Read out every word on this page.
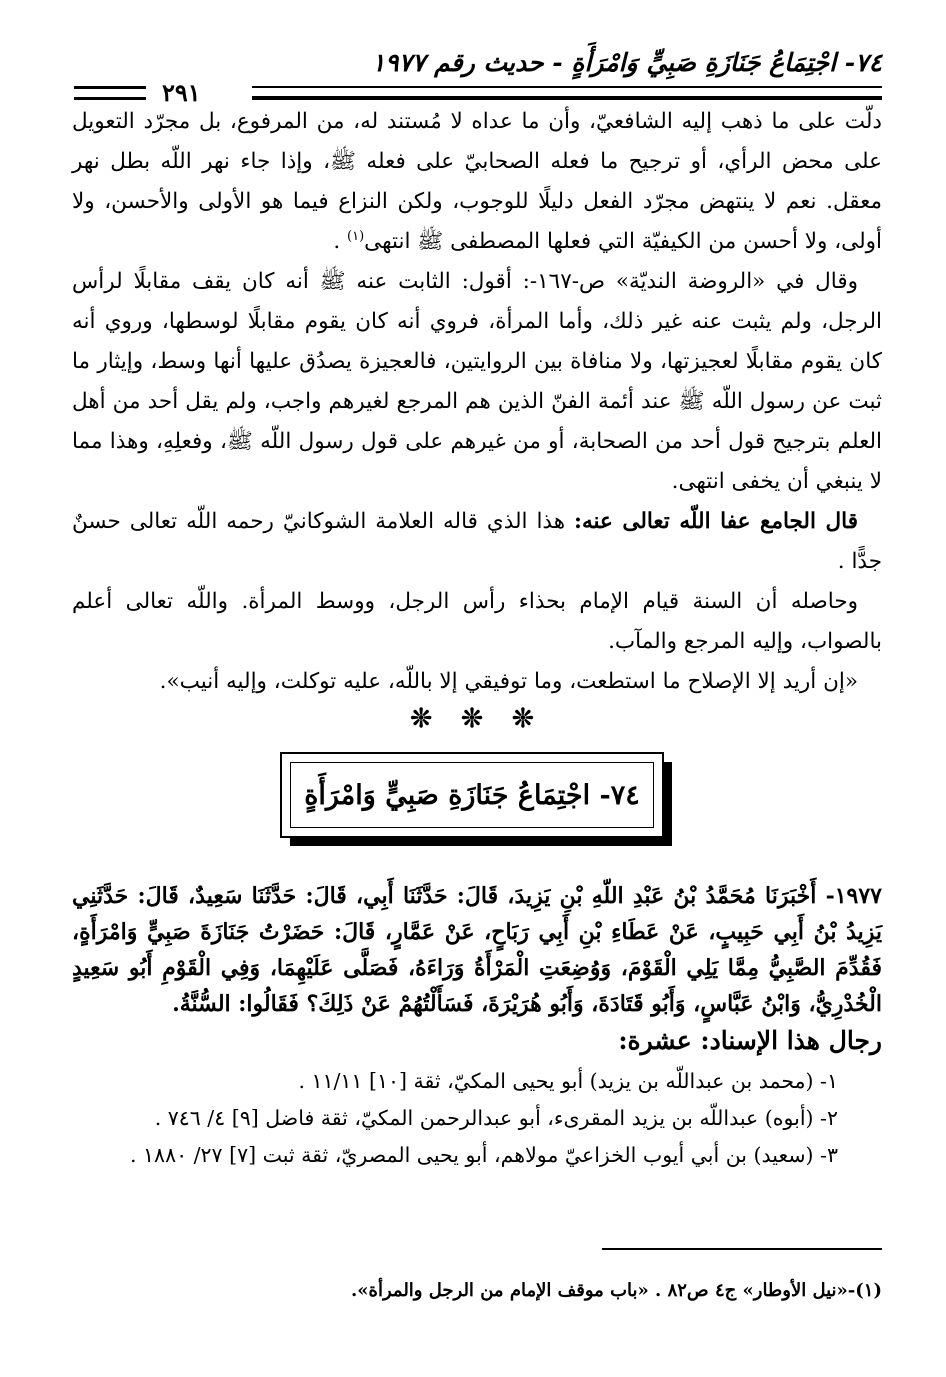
٧٤- اجْتِمَاعُ جَنَازَةِ صَبِيٍّ وَامْرَأَةٍ - حديث رقم ١٩٧٧
٢٩١

دلّت على ما ذهب إليه الشافعيّ، وأن ما عداه لا مُستند له، من المرفوع، بل مجرّد التعويل على محض الرأي، أو ترجيح ما فعله الصحابيّ على فعله ﷺ، وإذا جاء نهر اللّه بطل نهر معقل. نعم لا ينتهض مجرّد الفعل دليلًا للوجوب، ولكن النزاع فيما هو الأولى والأحسن، ولا أولى، ولا أحسن من الكيفيّة التي فعلها المصطفى ﷺ انتهى$^{(١)}$ .

وقال في «الروضة النديّة» ص-١٦٧-: أقول: الثابت عنه ﷺ أنه كان يقف مقابلًا لرأس الرجل، ولم يثبت عنه غير ذلك، وأما المرأة، فروي أنه كان يقوم مقابلًا لوسطها، وروي أنه كان يقوم مقابلًا لعجيزتها، ولا منافاة بين الروايتين، فالعجيزة يصدُق عليها أنها وسط، وإيثار ما ثبت عن رسول اللّه ﷺ عند أئمة الفنّ الذين هم المرجع لغيرهم واجب، ولم يقل أحد من أهل العلم بترجيح قول أحد من الصحابة، أو من غيرهم على قول رسول اللّه ﷺ، وفعلِهِ، وهذا مما لا ينبغي أن يخفى انتهى.

قال الجامع عفا اللّه تعالى عنه: هذا الذي قاله العلامة الشوكانيّ رحمه اللّه تعالى حسنٌ جدًّا .

وحاصله أن السنة قيام الإمام بحذاء رأس الرجل، ووسط المرأة. واللّه تعالى أعلم بالصواب، وإليه المرجع والمآب.

«إن أريد إلا الإصلاح ما استطعت، وما توفيقي إلا باللّه، عليه توكلت، وإليه أنيب».

❊ ❊ ❊
٧٤- اجْتِمَاعُ جَنَازَةِ صَبِيٍّ وَامْرَأَةٍ

١٩٧٧- أَخْبَرَنَا مُحَمَّدُ بْنُ عَبْدِ اللّهِ بْنِ يَزِيدَ، قَالَ: حَدَّثَنَا أَبِي، قَالَ: حَدَّثَنَا سَعِيدٌ، قَالَ: حَدَّثَنِي يَزِيدُ بْنُ أَبِي حَبِيبٍ، عَنْ عَطَاءِ بْنِ أَبِي رَبَاحٍ، عَنْ عَمَّارٍ، قَالَ: حَضَرْتُ جَنَازَةَ صَبِيٍّ وَامْرَأَةٍ، فَقُدِّمَ الصَّبِيُّ مِمَّا يَلِي الْقَوْمَ، وَوُضِعَتِ الْمَرْأَةُ وَرَاءَهُ، فَصَلَّى عَلَيْهِمَا، وَفِي الْقَوْمِ أَبُو سَعِيدٍ الْخُدْرِيُّ، وَابْنُ عَبَّاسٍ، وَأَبُو قَتَادَةَ، وَأَبُو هُرَيْرَةَ، فَسَأَلْتُهُمْ عَنْ ذَلِكَ؟ فَقَالُوا: السُّنَّةُ.

رجال هذا الإسناد: عشرة:

١- (محمد بن عبداللّه بن يزيد) أبو يحيى المكيّ، ثقة [١٠] ١١/١١ .

٢- (أبوه) عبداللّه بن يزيد المقرىء، أبو عبدالرحمن المكيّ، ثقة فاضل [٩] ٤/ ٧٤٦ .

٣- (سعيد) بن أبي أيوب الخزاعيّ مولاهم، أبو يحيى المصريّ، ثقة ثبت [٧] ٢٧/ ١٨٨٠ .

(١)-«نيل الأوطار» ج٤ ص٨٢ . «باب موقف الإمام من الرجل والمرأة».
